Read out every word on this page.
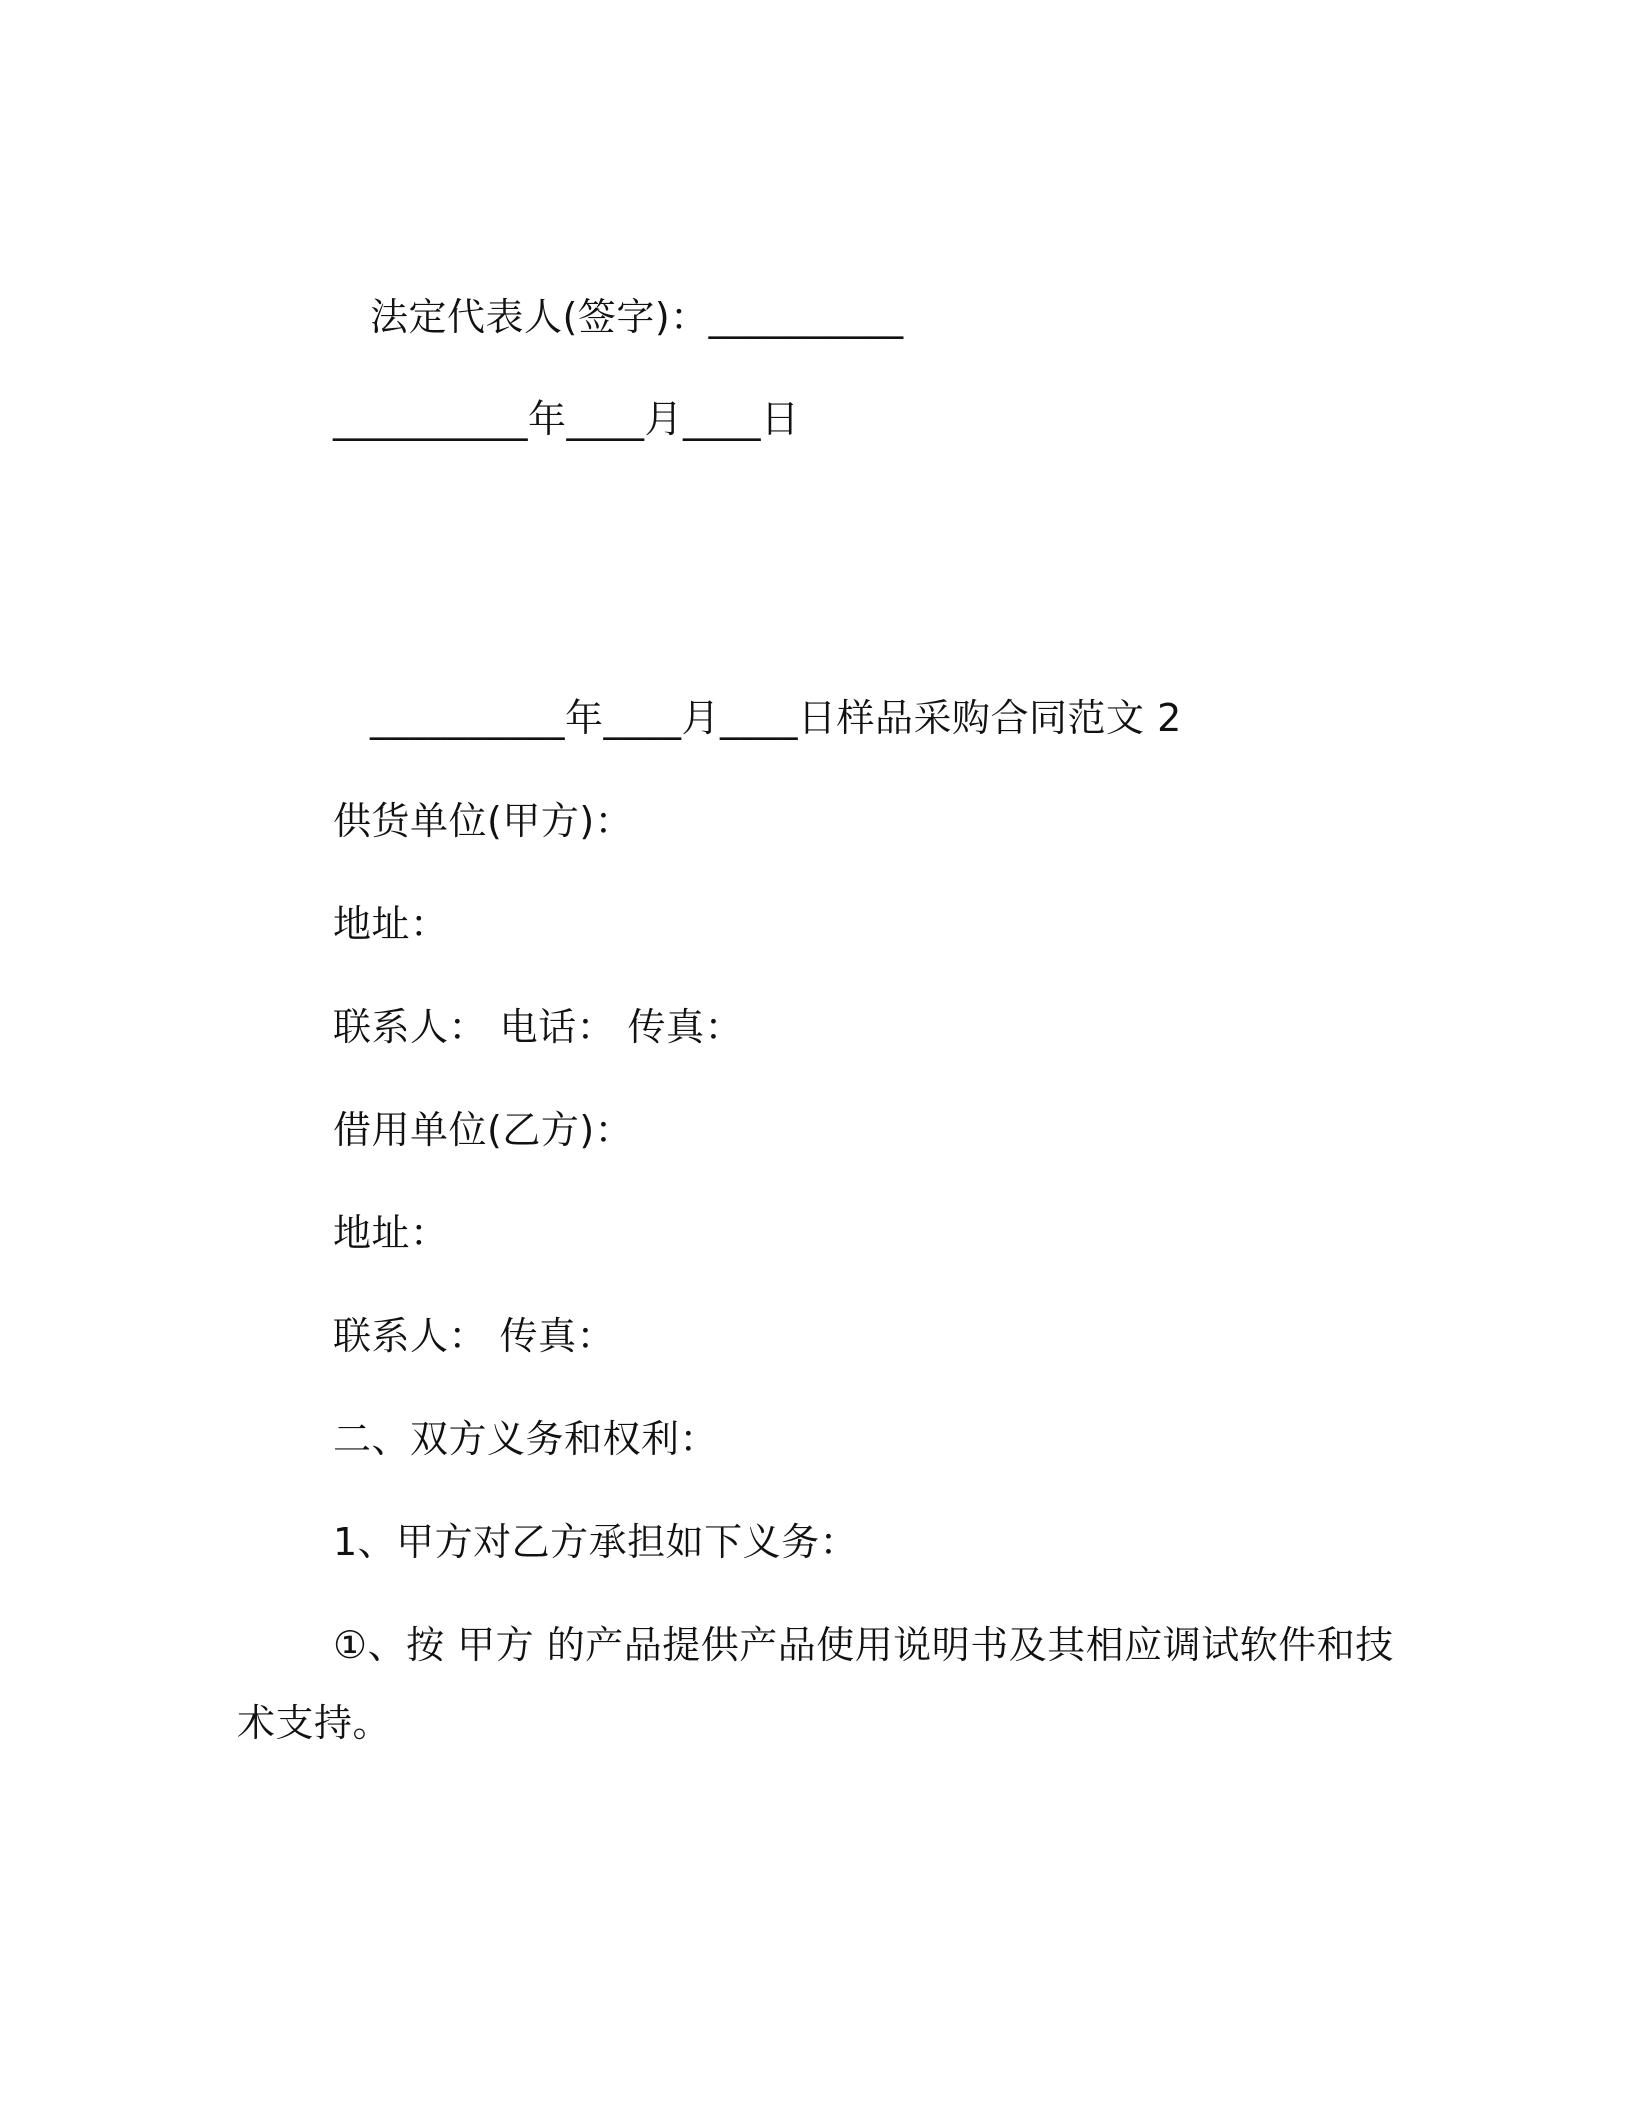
法定代表人(签字)：__________
__________年____月____日
__________年____月____日样品采购合同范文 2
供货单位(甲方)：
地址：
联系人： 电话： 传真：
借用单位(乙方)：
地址：
联系人： 传真：
二、双方义务和权利：
1、甲方对乙方承担如下义务：
①、按 甲方 的产品提供产品使用说明书及其相应调试软件和技
术支持。
